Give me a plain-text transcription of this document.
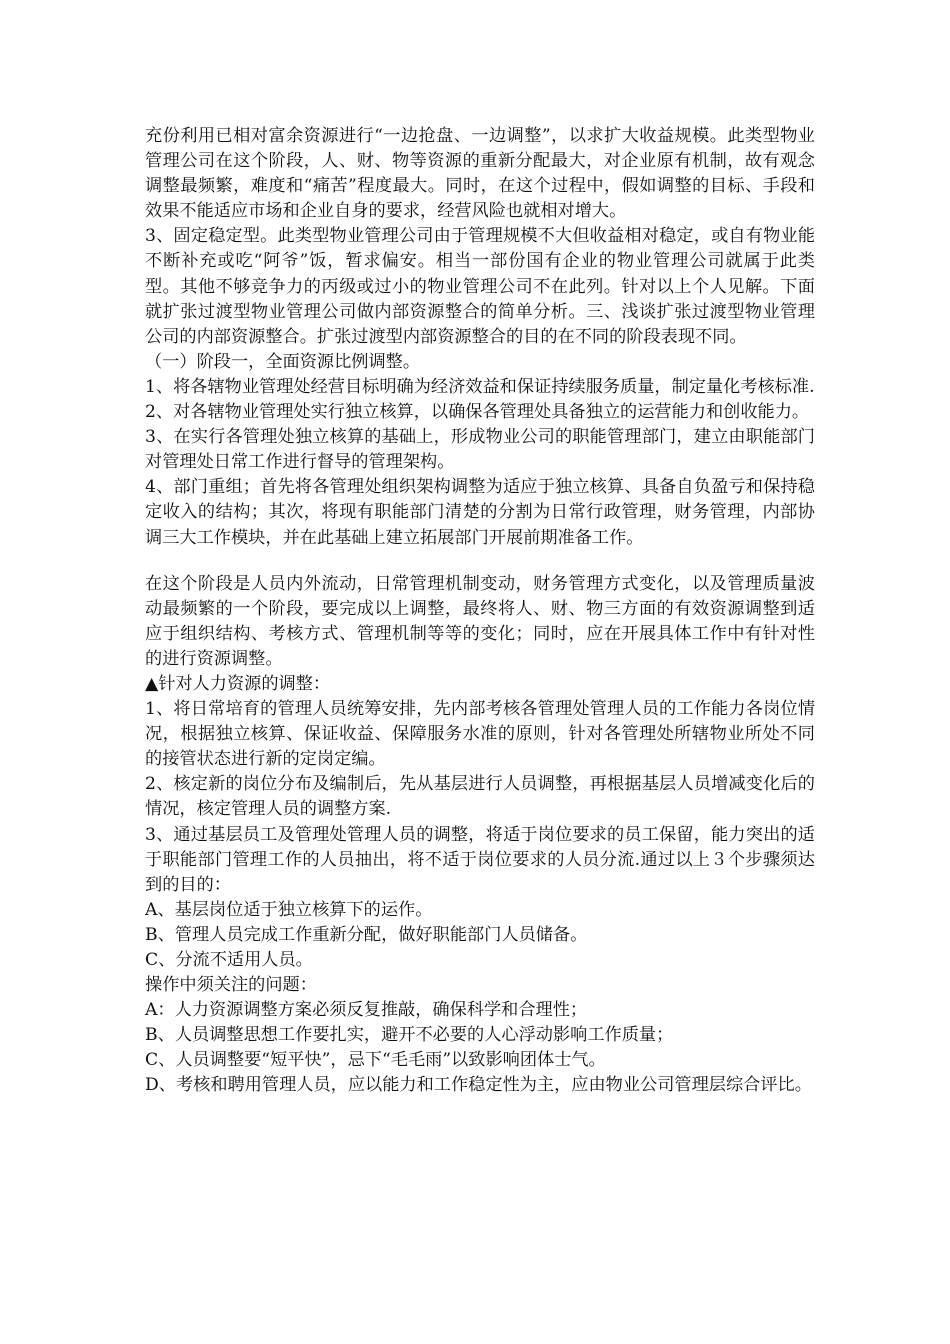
充份利用已相对富余资源进行“一边抢盘、一边调整”，以求扩大收益规模。此类型物业管理公司在这个阶段，人、财、物等资源的重新分配最大，对企业原有机制，故有观念调整最频繁，难度和“痛苦”程度最大。同时，在这个过程中，假如调整的目标、手段和效果不能适应市场和企业自身的要求，经营风险也就相对增大。

3、固定稳定型。此类型物业管理公司由于管理规模不大但收益相对稳定，或自有物业能不断补充或吃“阿爷”饭，暂求偏安。相当一部份国有企业的物业管理公司就属于此类型。其他不够竞争力的丙级或过小的物业管理公司不在此列。针对以上个人见解。下面就扩张过渡型物业管理公司做内部资源整合的简单分析。三、浅谈扩张过渡型物业管理公司的内部资源整合。扩张过渡型内部资源整合的目的在不同的阶段表现不同。

（一）阶段一，全面资源比例调整。

1、将各辖物业管理处经营目标明确为经济效益和保证持续服务质量，制定量化考核标准.

2、对各辖物业管理处实行独立核算，以确保各管理处具备独立的运营能力和创收能力。

3、在实行各管理处独立核算的基础上，形成物业公司的职能管理部门，建立由职能部门对管理处日常工作进行督导的管理架构。

4、部门重组；首先将各管理处组织架构调整为适应于独立核算、具备自负盈亏和保持稳定收入的结构；其次，将现有职能部门清楚的分割为日常行政管理，财务管理，内部协调三大工作模块，并在此基础上建立拓展部门开展前期准备工作。

在这个阶段是人员内外流动，日常管理机制变动，财务管理方式变化，以及管理质量波动最频繁的一个阶段，要完成以上调整，最终将人、财、物三方面的有效资源调整到适应于组织结构、考核方式、管理机制等等的变化；同时，应在开展具体工作中有针对性的进行资源调整。

▲针对人力资源的调整：

1、将日常培育的管理人员统筹安排，先内部考核各管理处管理人员的工作能力各岗位情况，根据独立核算、保证收益、保障服务水准的原则，针对各管理处所辖物业所处不同的接管状态进行新的定岗定编。

2、核定新的岗位分布及编制后，先从基层进行人员调整，再根据基层人员增减变化后的情况，核定管理人员的调整方案.

3、通过基层员工及管理处管理人员的调整，将适于岗位要求的员工保留，能力突出的适于职能部门管理工作的人员抽出，将不适于岗位要求的人员分流.通过以上３个步骤须达到的目的：

A、基层岗位适于独立核算下的运作。

B、管理人员完成工作重新分配，做好职能部门人员储备。

C、分流不适用人员。

操作中须关注的问题：

A：人力资源调整方案必须反复推敲，确保科学和合理性；

B、人员调整思想工作要扎实，避开不必要的人心浮动影响工作质量；

C、人员调整要“短平快”，忌下“毛毛雨”以致影响团体士气。

D、考核和聘用管理人员，应以能力和工作稳定性为主，应由物业公司管理层综合评比。
